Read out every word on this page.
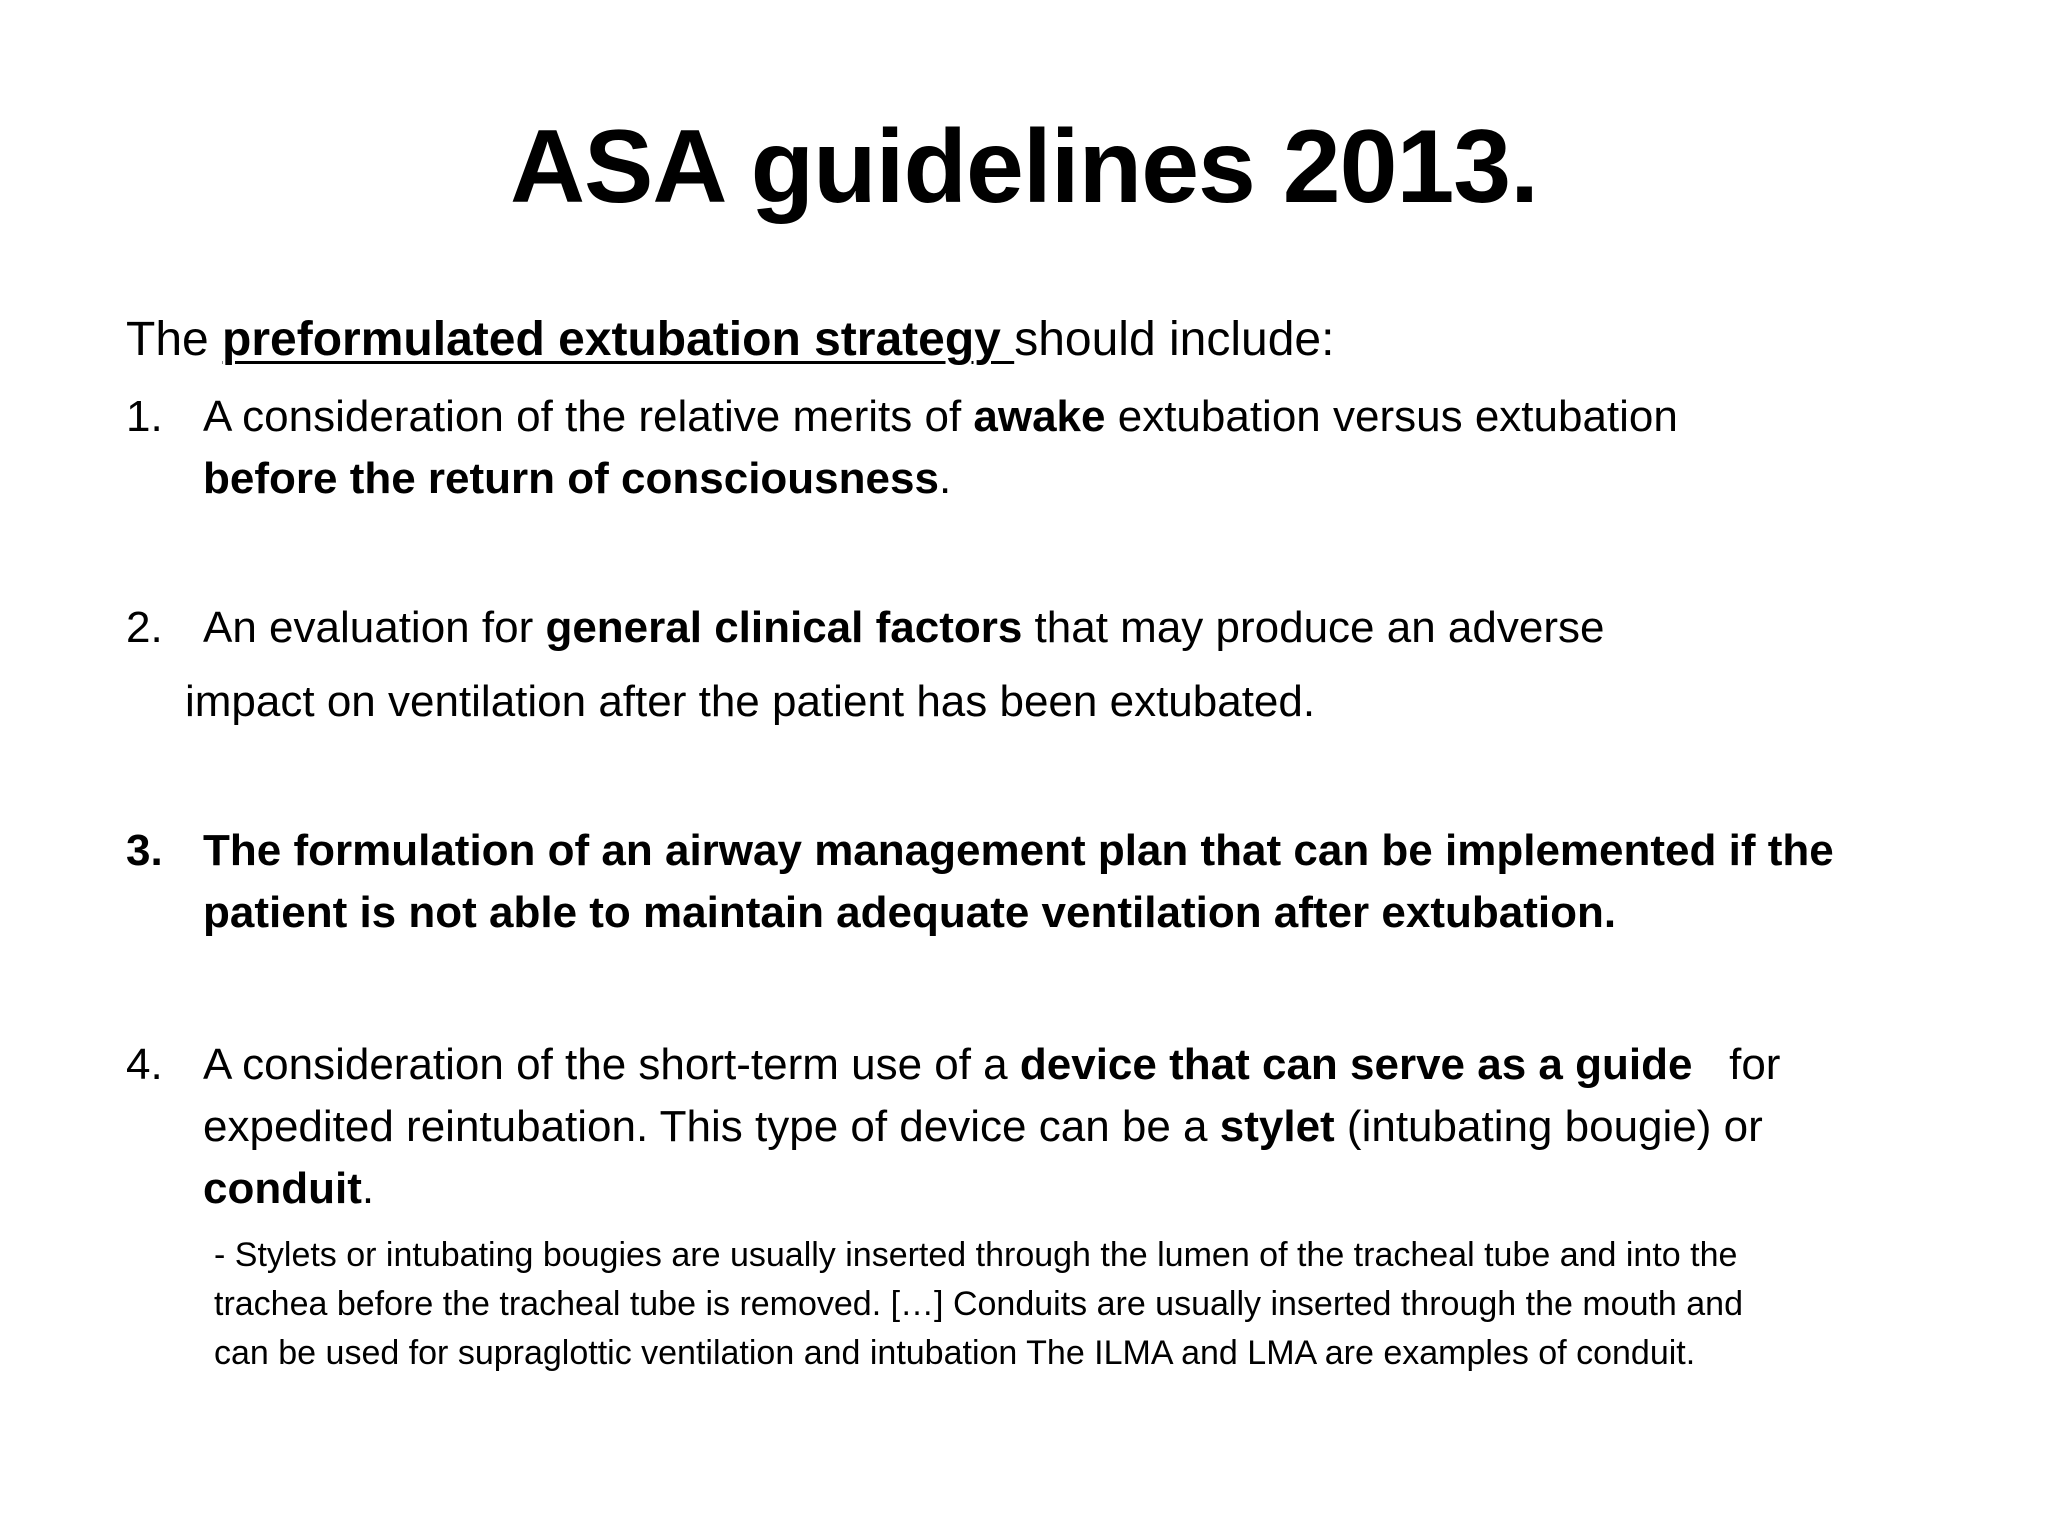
ASA guidelines 2013.
The preformulated extubation strategy should include:
1. A consideration of the relative merits of awake extubation versus extubation
before the return of consciousness.
2. An evaluation for general clinical factors that may produce an adverse
impact on ventilation after the patient has been extubated.
3. The formulation of an airway management plan that can be implemented if the
patient is not able to maintain adequate ventilation after extubation.
4. A consideration of the short-term use of a device that can serve as a guide   for
expedited reintubation. This type of device can be a stylet (intubating bougie) or
conduit.
- Stylets or intubating bougies are usually inserted through the lumen of the tracheal tube and into the
trachea before the tracheal tube is removed. […] Conduits are usually inserted through the mouth and
can be used for supraglottic ventilation and intubation The ILMA and LMA are examples of conduit.
